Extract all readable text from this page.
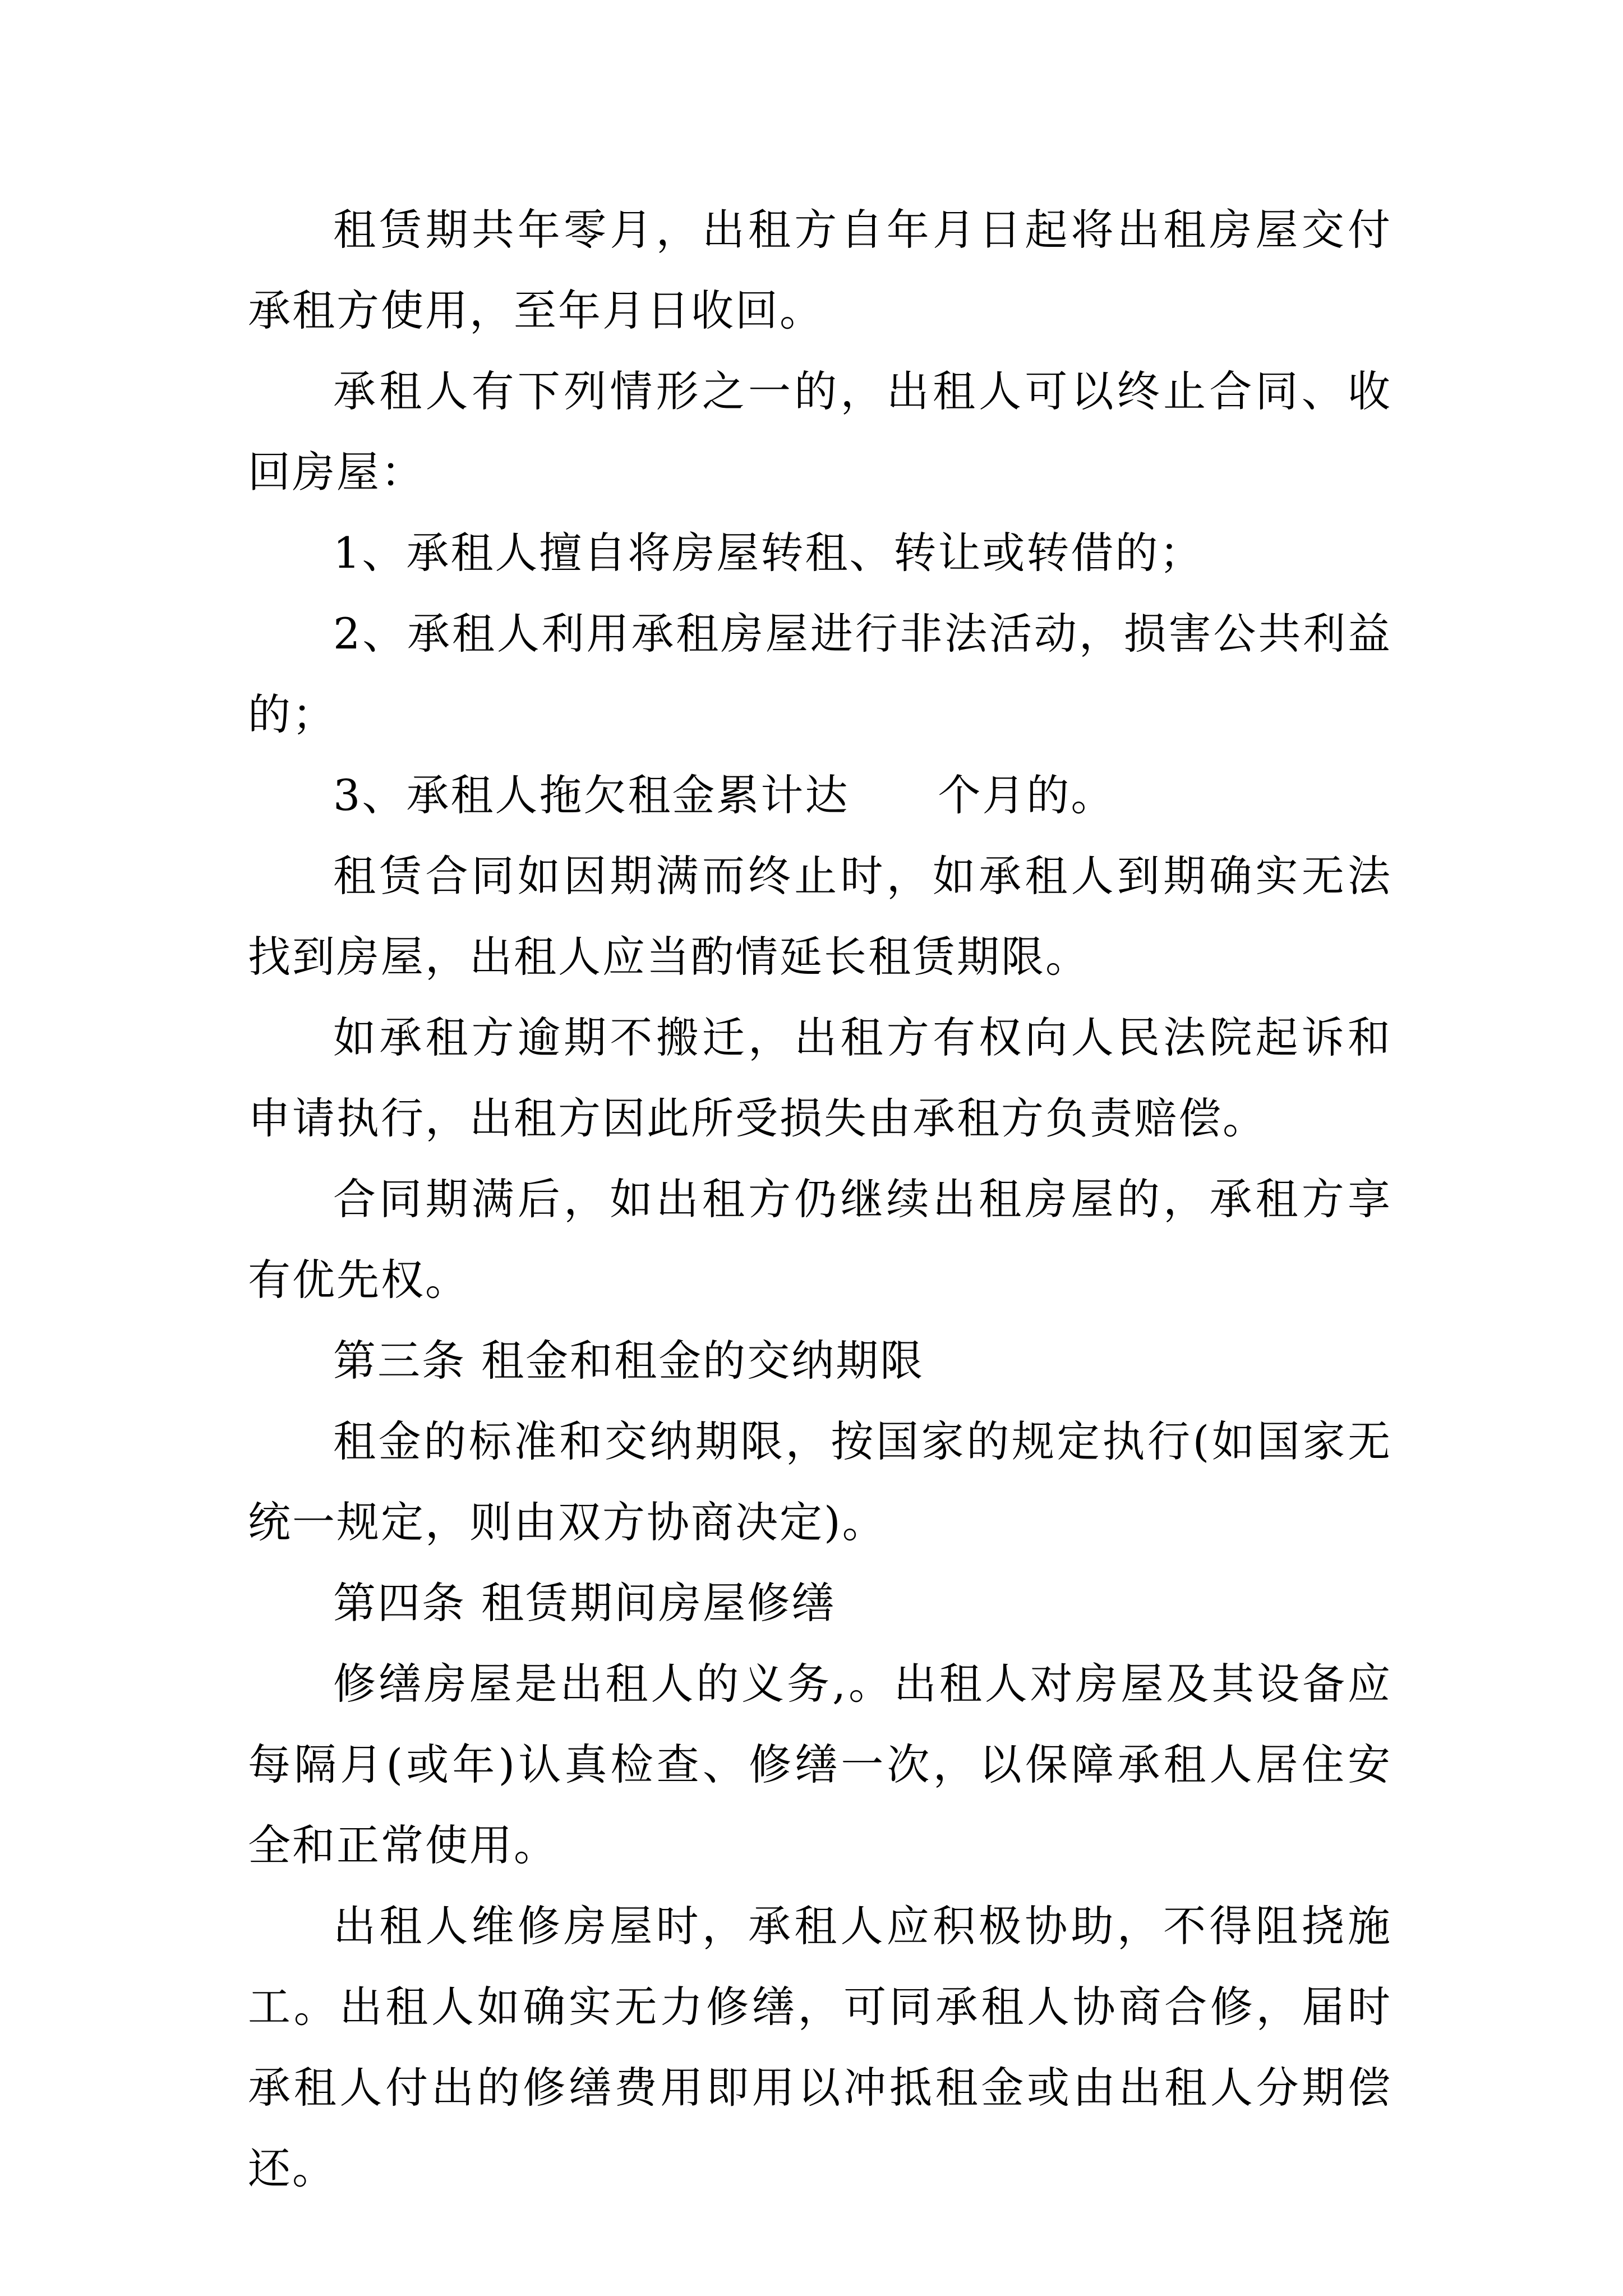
租赁期共年零月，出租方自年月日起将出租房屋交付承租方使用，至年月日收回。

承租人有下列情形之一的，出租人可以终止合同、收回房屋：

1、承租人擅自将房屋转租、转让或转借的；

2、承租人利用承租房屋进行非法活动，损害公共利益的；

3、承租人拖欠租金累计达　　个月的。

租赁合同如因期满而终止时，如承租人到期确实无法找到房屋，出租人应当酌情延长租赁期限。

如承租方逾期不搬迁，出租方有权向人民法院起诉和申请执行，出租方因此所受损失由承租方负责赔偿。

合同期满后，如出租方仍继续出租房屋的，承租方享有优先权。

第三条 租金和租金的交纳期限

租金的标准和交纳期限，按国家的规定执行(如国家无统一规定，则由双方协商决定)。

第四条 租赁期间房屋修缮

修缮房屋是出租人的义务,。出租人对房屋及其设备应每隔月(或年)认真检查、修缮一次，以保障承租人居住安全和正常使用。

出租人维修房屋时，承租人应积极协助，不得阻挠施工。出租人如确实无力修缮，可同承租人协商合修，届时承租人付出的修缮费用即用以冲抵租金或由出租人分期偿还。
